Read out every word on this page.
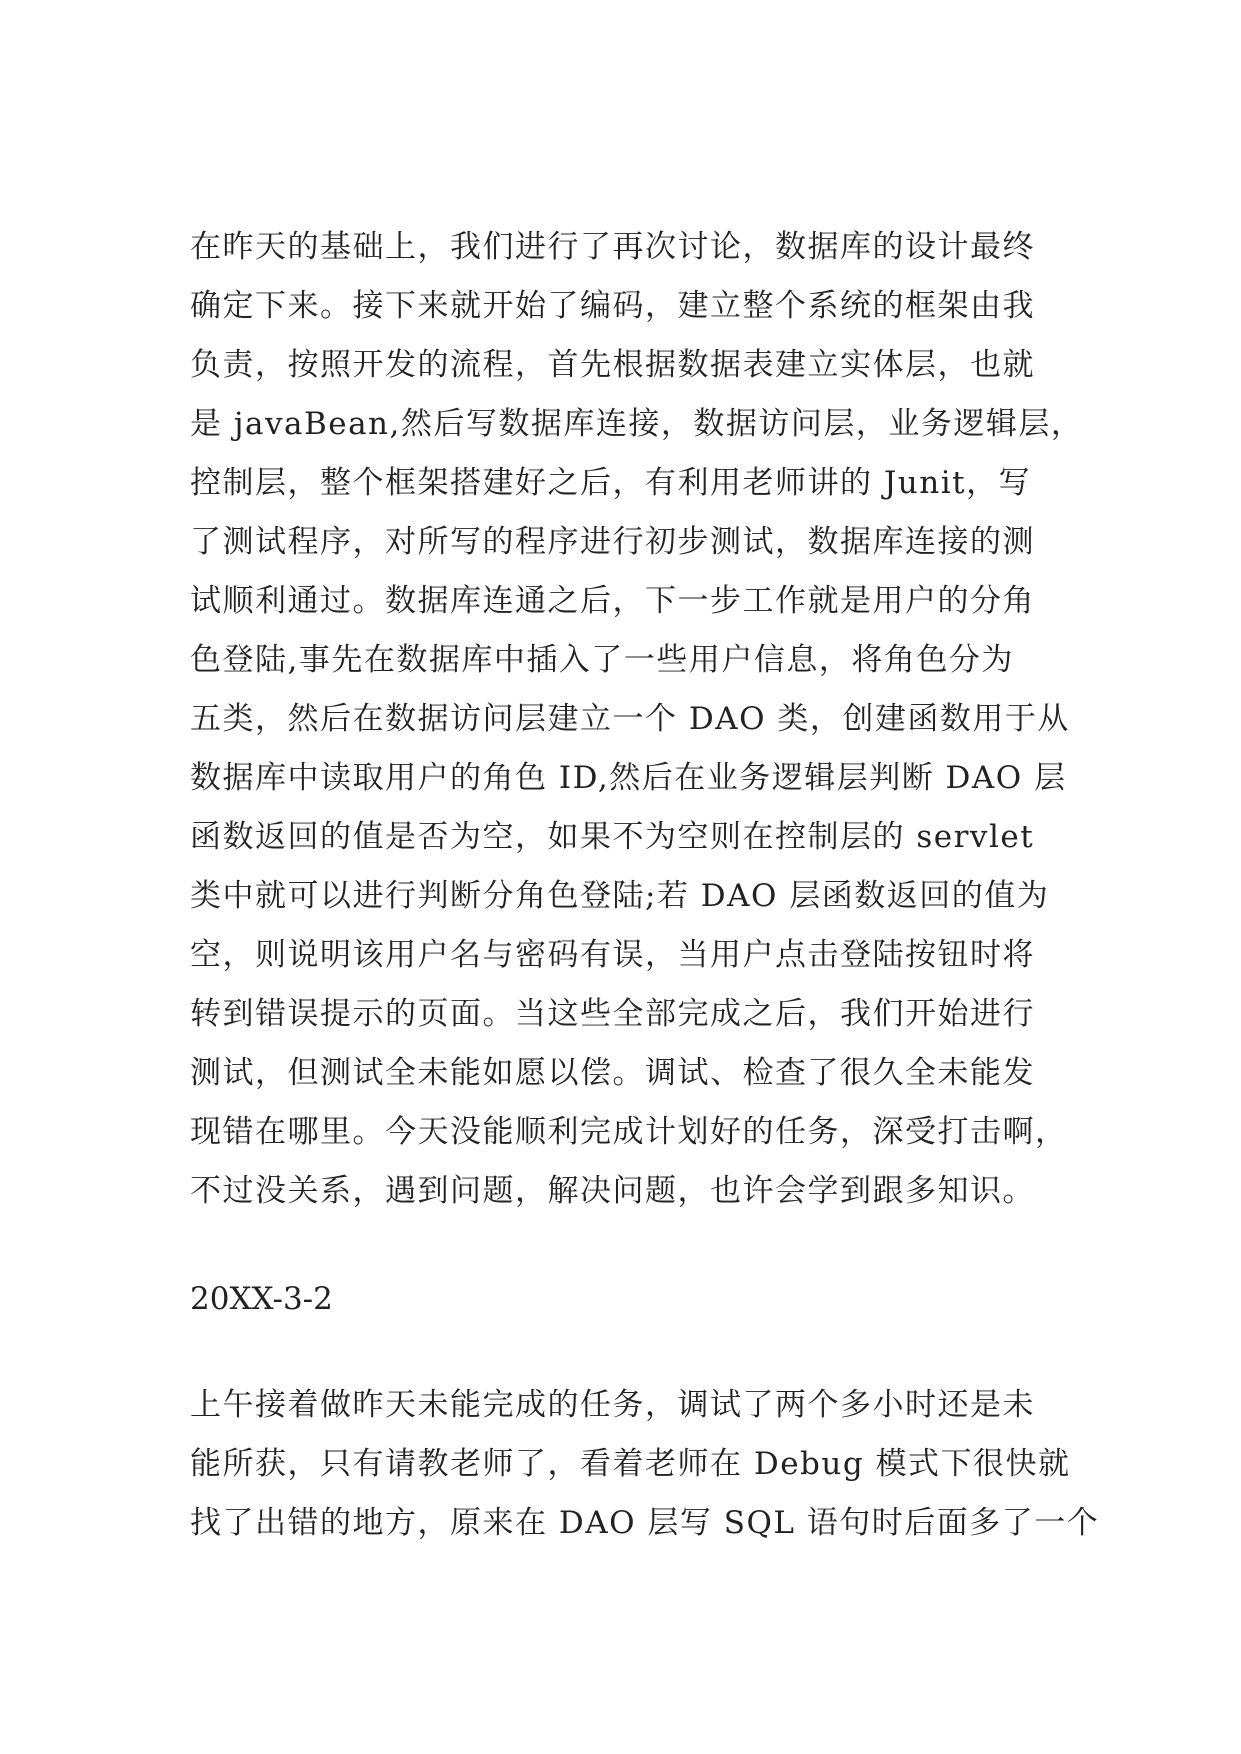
在昨天的基础上，我们进行了再次讨论，数据库的设计最终
确定下来。接下来就开始了编码，建立整个系统的框架由我
负责，按照开发的流程，首先根据数据表建立实体层，也就
是 javaBean,然后写数据库连接，数据访问层，业务逻辑层，
控制层，整个框架搭建好之后，有利用老师讲的 Junit，写
了测试程序，对所写的程序进行初步测试，数据库连接的测
试顺利通过。数据库连通之后，下一步工作就是用户的分角
色登陆,事先在数据库中插入了一些用户信息，将角色分为
五类，然后在数据访问层建立一个 DAO 类，创建函数用于从
数据库中读取用户的角色 ID,然后在业务逻辑层判断 DAO 层
函数返回的值是否为空，如果不为空则在控制层的 servlet
类中就可以进行判断分角色登陆;若 DAO 层函数返回的值为
空，则说明该用户名与密码有误，当用户点击登陆按钮时将
转到错误提示的页面。当这些全部完成之后，我们开始进行
测试，但测试全未能如愿以偿。调试、检查了很久全未能发
现错在哪里。今天没能顺利完成计划好的任务，深受打击啊，
不过没关系，遇到问题，解决问题，也许会学到跟多知识。
20XX-3-2
上午接着做昨天未能完成的任务，调试了两个多小时还是未
能所获，只有请教老师了，看着老师在 Debug 模式下很快就
找了出错的地方，原来在 DAO 层写 SQL 语句时后面多了一个
